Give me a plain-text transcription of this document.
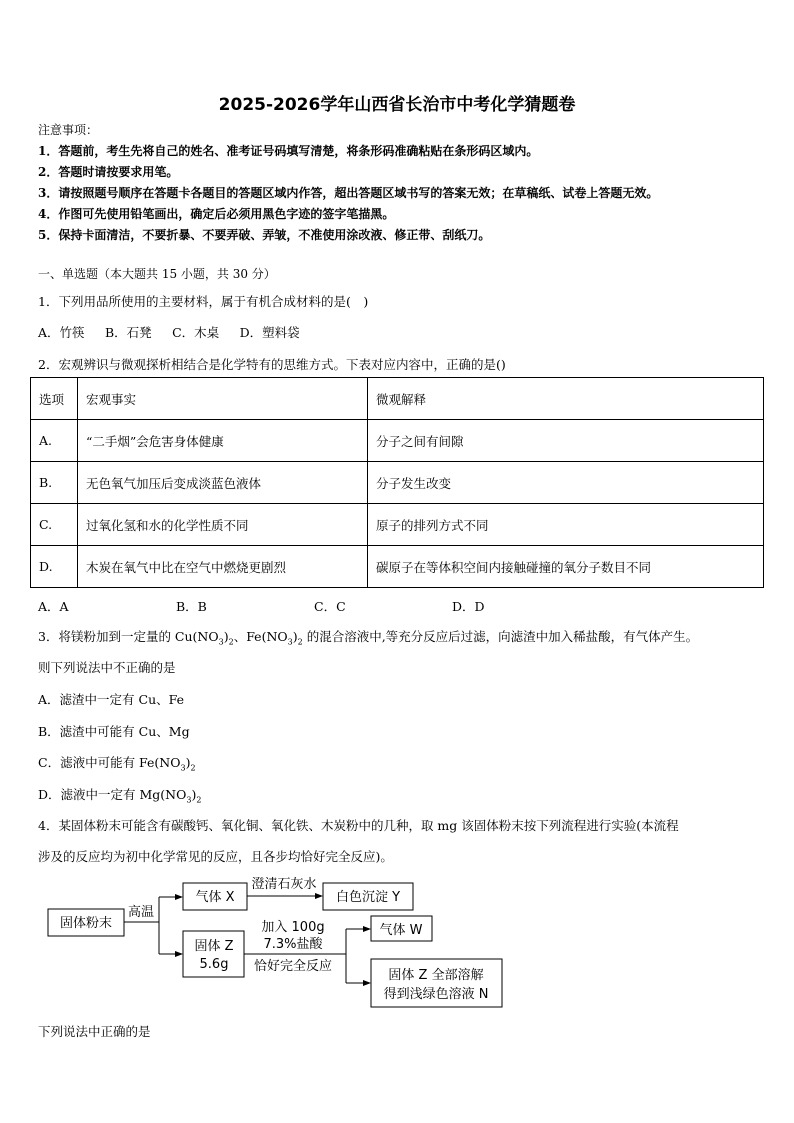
2025-2026学年山西省长治市中考化学猜题卷
注意事项：
1．答题前，考生先将自己的姓名、准考证号码填写清楚，将条形码准确粘贴在条形码区域内。
2．答题时请按要求用笔。
3．请按照题号顺序在答题卡各题目的答题区域内作答，超出答题区域书写的答案无效；在草稿纸、试卷上答题无效。
4．作图可先使用铅笔画出，确定后必须用黑色字迹的签字笔描黑。
5．保持卡面清洁，不要折暴、不要弄破、弄皱，不准使用涂改液、修正带、刮纸刀。
一、单选题（本大题共 15 小题，共 30 分）
1．下列用品所使用的主要材料，属于有机合成材料的是(　)
A．竹筷　  B．石凳　  C．木桌　  D．塑料袋
2．宏观辨识与微观探析相结合是化学特有的思维方式。下表对应内容中，正确的是()
选项	宏观事实	微观解释
A.	“二手烟”会危害身体健康	分子之间有间隙
B.	无色氧气加压后变成淡蓝色液体	分子发生改变
C.	过氧化氢和水的化学性质不同	原子的排列方式不同
D.	木炭在氧气中比在空气中燃烧更剧烈	碳原子在等体积空间内接触碰撞的氧分子数目不同
A．A	B．B	C．C	D．D
3．将镁粉加到一定量的 $Cu(NO_3)_2$、$Fe(NO_3)_2$ 的混合溶液中,等充分反应后过滤，向滤渣中加入稀盐酸，有气体产生。
则下列说法中不正确的是
A．滤渣中一定有 Cu、Fe
B．滤渣中可能有 Cu、Mg
C．滤液中可能有 $Fe(NO_3)_2$
D．滤液中一定有 $Mg(NO_3)_2$
4．某固体粉末可能含有碳酸钙、氧化铜、氧化铁、木炭粉中的几种，取 mg 该固体粉末按下列流程进行实验(本流程
涉及的反应均为初中化学常见的反应，且各步均恰好完全反应)。
固体粉末
高温
气体 X
澄清石灰水
白色沉淀 Y
固体 Z
5.6g
加入 100g
7.3%盐酸
恰好完全反应
气体 W
固体 Z 全部溶解
得到浅绿色溶液 N
下列说法中正确的是
